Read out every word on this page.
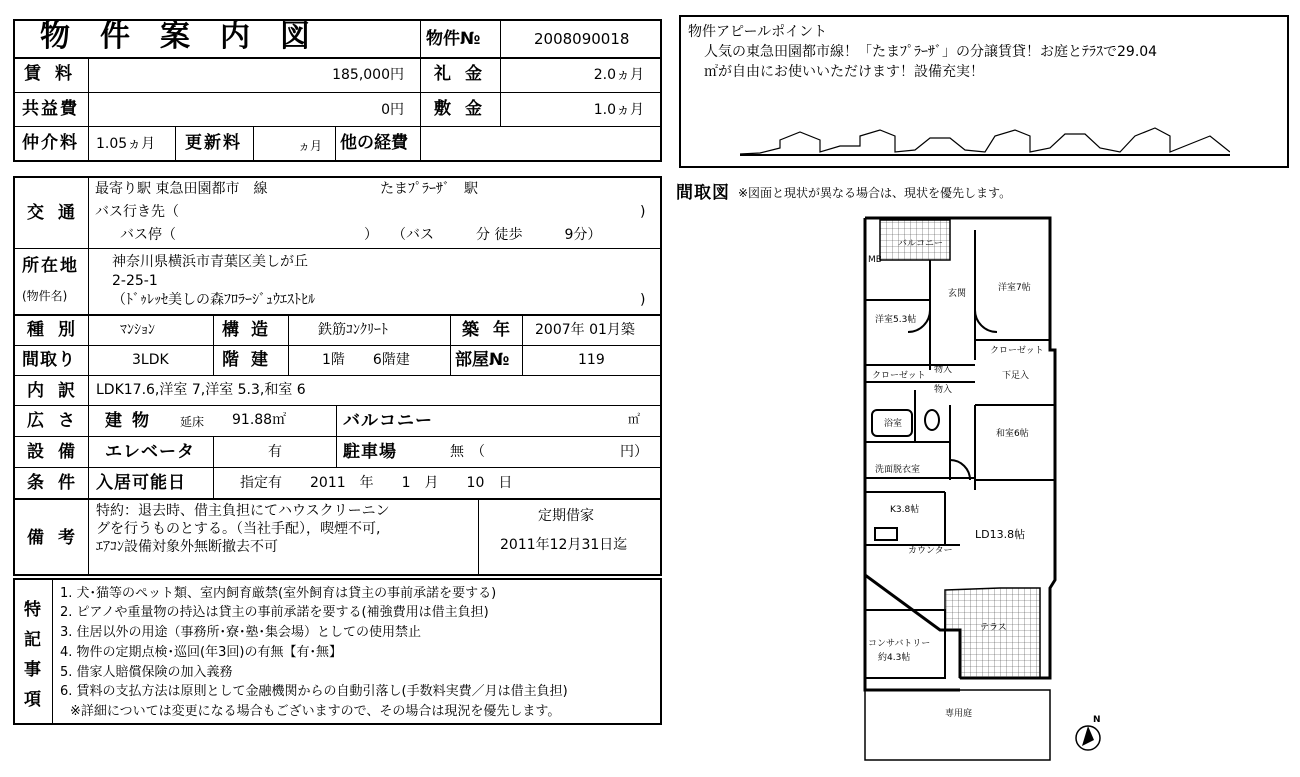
物件案内図	物件№	2008090018
賃料	185,000円 礼金	2.0ヵ月
共益費	0円 敷金	1.0ヵ月
仲介料 1.05ヵ月 更新料	ヵ月 他の経費
物件アピールポイント
人気の東急田園都市線！「たまﾌﾟﾗｰｻﾞ」の分譲賃貸！お庭とﾃﾗｽで29.04
㎡が自由にお使いいただけます！設備充実！
交通
最寄り駅 東急田園都市　線	たまﾌﾟﾗｰｻﾞ　駅
バス行き先（	)
バス停（	）　　（バス　　　分 徒歩　　　9分）
所在地
(物件名)
神奈川県横浜市青葉区美しが丘
2-25-1
（ﾄﾞｩﾚｯｾ美しの森ﾌﾛﾗｰｼﾞｭｳｴｽﾄﾋﾙ	)
種別 ﾏﾝｼｮﾝ	構造	鉄筋ｺﾝｸﾘｰﾄ	築年 2007年 01月築
間取り	3LDK	階建	1階　　6階建	部屋№	119
内訳 LDK17.6,洋室 7,洋室 5.3,和室 6
広さ 建物 延床 91.88㎡	バルコニー	㎡
設備 エレベータ	有	駐車場	無　（	円）
条件 入居可能日	指定有　　2011　年　　1　月　　10　日
備考
特約：退去時、借主負担にてハウスクリーニン
グを行うものとする。（当社手配），喫煙不可,
ｴｱｺﾝ設備対象外無断撤去不可
定期借家
2011年12月31日迄
特
記
事
項
1. 犬･猫等のペット類、室内飼育厳禁(室外飼育は貸主の事前承諾を要する)
2. ピアノや重量物の持込は貸主の事前承諾を要する(補強費用は借主負担)
3. 住居以外の用途（事務所･寮･塾･集会場）としての使用禁止
4. 物件の定期点検･巡回(年3回)の有無【有･無】
5. 借家人賠償保険の加入義務
6. 賃料の支払方法は原則として金融機関からの自動引落し(手数料実費／月は借主負担)
※詳細については変更になる場合もございますので、その場合は現況を優先します。
間取図 ※図面と現状が異なる場合は、現状を優先します。
バルコニー
MB
洋室7帖
洋室5.3帖
玄関
クローゼット
クローゼット
物入
物入
下足入
浴室
和室6帖
洗面脱衣室
K3.8帖
LD13.8帖
カウンター
テラス
コンサバトリー
約4.3帖
専用庭
N
